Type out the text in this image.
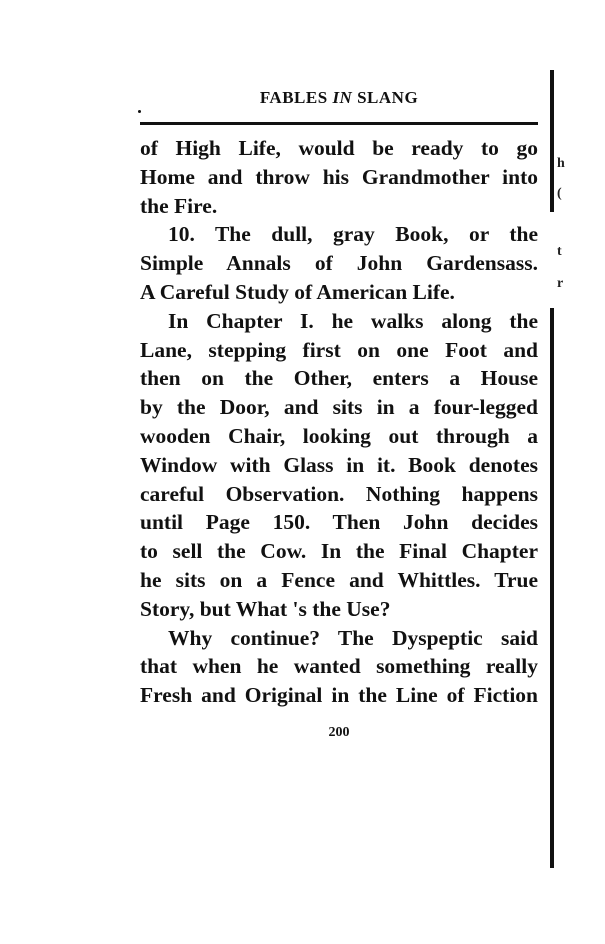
FABLES IN SLANG
of High Life, would be ready to go
Home and throw his Grandmother into
the Fire.
10. The dull, gray Book, or the
Simple Annals of John Gardensass.
A Careful Study of American Life.
In Chapter I. he walks along the
Lane, stepping first on one Foot and
then on the Other, enters a House
by the Door, and sits in a four-legged
wooden Chair, looking out through a
Window with Glass in it. Book denotes
careful Observation. Nothing happens
until Page 150. Then John decides
to sell the Cow. In the Final Chapter
he sits on a Fence and Whittles. True
Story, but What 's the Use?
Why continue? The Dyspeptic said
that when he wanted something really
Fresh and Original in the Line of Fiction
200
h
(
t
r
